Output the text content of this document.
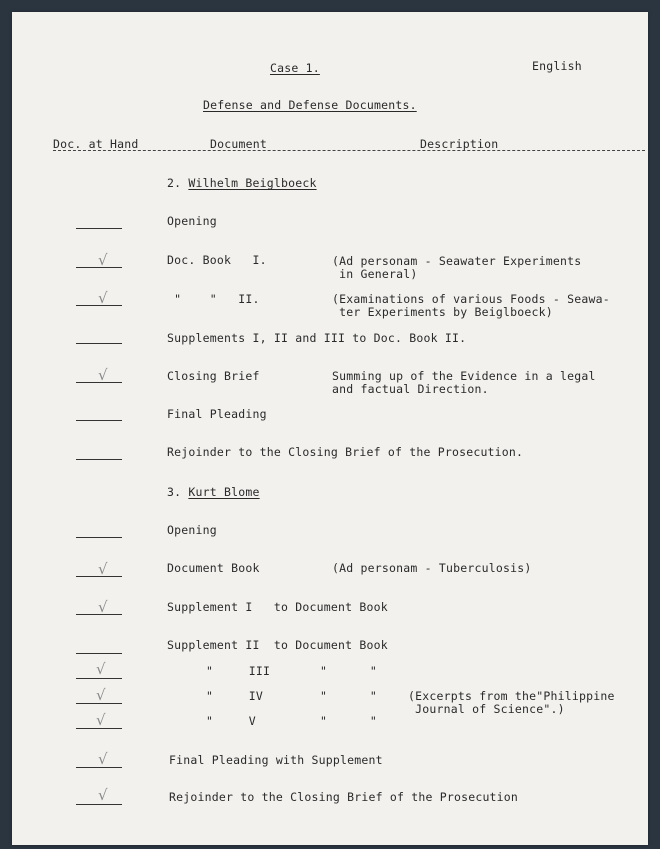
Case 1.	English
Defense and Defense Documents.
Doc. at Hand	Document	Description
2. Wilhelm Beiglboeck
Opening
√	Doc. Book   I.	(Ad personam - Seawater Experiments
in General)
√	"    "   II.	(Examinations of various Foods - Seawa-
ter Experiments by Beiglboeck)
Supplements I, II and III to Doc. Book II.
√	Closing Brief	Summing up of the Evidence in a legal
and factual Direction.
Final Pleading
Rejoinder to the Closing Brief of the Prosecution.
3. Kurt Blome
Opening
√	Document Book	(Ad personam - Tuberculosis)
√	Supplement I   to Document Book
Supplement II  to Document Book
√	"     III       "      "
√	"     IV        "      "	(Excerpts from the"Philippine
Journal of Science".)
√	"     V         "      "
√	Final Pleading with Supplement
√	Rejoinder to the Closing Brief of the Prosecution
